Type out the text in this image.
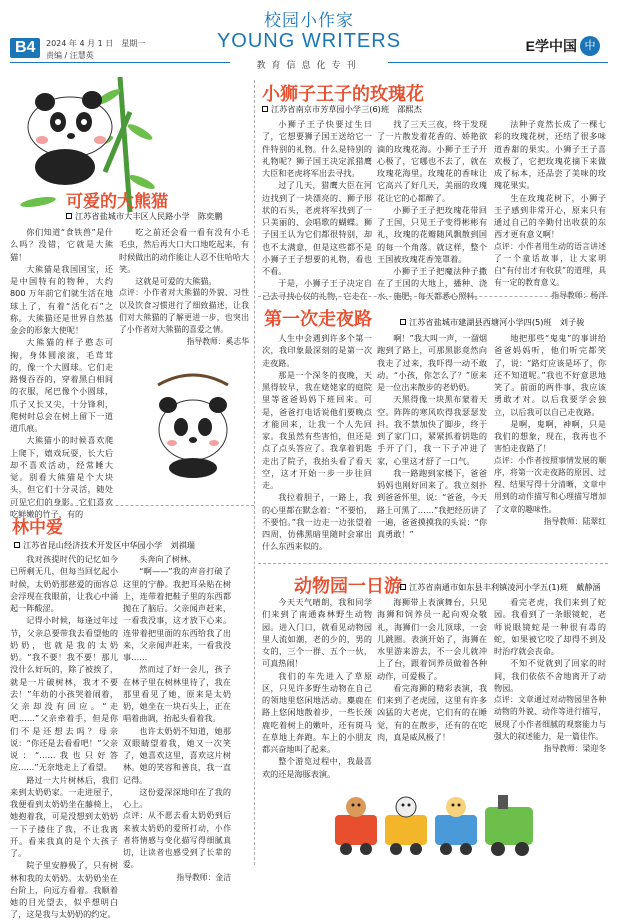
B4	2024 年 4 月 1 日　星期一
责编 / 汪慧英
校园小作家
YOUNG WRITERS
教育信息化专刊
E学中国 中
可爱的大熊猫
江苏省盐城市大丰区人民路小学　陈奕鹏

你们知道“食铁兽”是什么吗？没错，它就是大熊猫！

大熊猫是我国国宝，还是中国特有的物种，大约 800 万年前它们就生活在地球上了，有着“活化石”之称。大熊猫还是世界自然基金会的形象大使呢！

大熊猫的样子憨态可掬，身体圆滚滚，毛茸茸的，像一个大圆球。它们走路慢吞吞的，穿着黑白相间的衣服，尾巴像个小圆球，爪子又长又尖，十分锋利，爬树时总会在树上留下一道道爪痕。

大熊猫小的时候喜欢爬上爬下，嬉戏玩耍，长大后却不喜欢活动，经常睡大觉。别看大熊猫是个大块头，但它们十分灵活，随处可见它们的身影。它们喜欢吃鲜嫩的竹子，有的

吃之前还会看一看有没有小毛毛虫，然后再大口大口地吃起来，有时候做出的动作能让人忍不住哈哈大笑。

这就是可爱的大熊猫。

点评：小作者对大熊猫的外貌、习性以及饮食习惯进行了细致描述，让我们对大熊猫的了解更进一步，也突出了小作者对大熊猫的喜爱之情。
指导教师：奚志华
林中爱
江苏省昆山经济技术开发区中华园小学　刘祺瑞

我对孩提时代的记忆如今已所剩无几，但每当回忆起小时候，太奶奶那慈爱的面容总会浮现在我眼前，让我心中涌起一阵酸涩。

记得小时候，每逢过年过节，父亲总要带我去看望他的奶奶，也就是我的太奶奶。“我不要！我不要！那儿没什么好玩的，除了被挨了，就是一片破树林，我才不要去！”年幼的小孩哭着闹着，父亲却没有回应。“走吧……”父亲牵着手，但是你们不是还想去吗？母亲说：“你还是去看看吧！”父亲说：“……我也只好答应……”无奈地走上了看望。

路过一大片树林后，我们来到太奶奶家。一走进屋子，我便看到太奶奶坐在藤椅上，她抱着我，可是没想到太奶奶一下子搂住了我，不让我离开。看来我真的是个大孩子了。

院子里安静极了，只有树林和我的太奶奶。太奶奶坐在台阶上，向远方看着。我顺着她的目光望去，似乎想明白了，这是我与太奶奶的约定。

头奔向了树林。

“啊——”我的声音打破了这里的宁静。我把耳朵贴在树上，连带着把鞋子里的东西都抛在了脑后。父亲闻声赶来，一看我没事，这才放下心来。连带着把里面的东西给我了出来，父亲闻声赶来，一看我没事……

然而过了好一会儿，孩子在林子里在树林里待了，我在那里看见了她，原来是太奶奶，她坐在一块石头上，正在唱着曲调，抬起头看着我。

也许太奶奶不知道，她那双眼睛望着我，她又一次笑了，她喜欢这里，喜欢这片树林。她的笑容和善良，我一直记得。

这份爱深深地印在了我的心上。

点评：从不愿去看太奶奶到后来被太奶奶的爱所打动，小作者将情感与变化描写得细腻真切，让读者也感受到了长辈的爱。
指导教师：金洁
小狮子王子的玫瑰花
江苏省南京市芳草园小学三(6)班　邵熙杰

小狮子王子快要过生日了，它想要狮子国王送给它一件特别的礼物。什么是特别的礼物呢？狮子国王决定派猎鹰大臣和老虎将军出去寻找。

过了几天，猎鹰大臣在河边找到了一块漂亮的、狮子形状的石头，老虎将军找到了一只美丽的、会唱歌的蝴蝶。狮子国王认为它们都很特别，却也不太满意，但是这些都不是小狮子王子想要的礼物，看也不看。

于是，小狮子王子决定自己去寻找心仪的礼物，它走在

找了三天三夜，终于发现了一片散发着花香的、娇艳欲滴的玫瑰花海。小狮子王子开心极了，它哪也不去了，就在玫瑰花海里。玫瑰花的香味让它高兴了好几天，美丽的玫瑰花让它的心都醉了。

小狮子王子把玫瑰花带回了王国，只见王子变得彬彬有礼，玫瑰的花瓣随风飘散到国的每一个角落。就这样，整个王国被玫瑰花香笼罩着。

小狮子王子把魔法种子撒在了王国的大地上，播种、浇水、施肥，每天都悉心照料。

法种子竟然长成了一棵七彩的玫瑰花树，还结了很多味道香甜的果实。小狮子王子喜欢极了，它把玫瑰花摘下来做成了标本，还品尝了美味的玫瑰花果实。

生在玫瑰花树下，小狮子王子感到非常开心，原来只有通过自己的辛勤付出收获的东西才更有意义啊！

点评：小作者用生动的语言讲述了一个童话故事，让大家明白“有付出才有收获”的道理，具有一定的教育意义。
指导教师：杨洋
第一次走夜路	江苏省盐城市建湖县西塘河小学四(5)班　刘子骏

人生中会遇到许多个第一次，我印象最深刻的是第一次走夜路。

那是一个深冬的夜晚，天黑得较早，我在姥姥家的庭院里等爸爸妈妈下班回来。可是，爸爸打电话说他们要晚点才能回来，让我一个人先回家。我虽然有些害怕，但还是点了点头答应了。我拿着钥匙走出了院子，我抬头看了看天空，这才开始一步一步往回走。

我拉着胆子，一路上，我的心里都在默念着：“不要怕，不要怕。”我一边走一边张望着四周，仿佛黑暗里随时会窜出什么东西来似的。

啊！”我大叫一声，一溜烟跑到了路上，可那黑影竟然向我走了过来，我吓得一动不敢动。“小孩，你怎么了？”原来是一位出来散步的老奶奶。

天黑得像一块黑布蒙着天空。阵阵的寒风吹得我瑟瑟发抖。我不禁加快了脚步，终于到了家门口，紧紧抓着钥匙的手开了门，我一下子冲进了家，心里这才舒了一口气。

我一路跑到家楼下，爸爸妈妈也刚好回来了。我立刻扑到爸爸怀里，说：“爸爸，今天路上可黑了……”我把经历讲了一遍，爸爸摸摸我的头说：“你真勇敢！”

地把那些“鬼鬼”的事讲给爸爸妈妈听，他们听完都笑了，说：“路灯应该是坏了，你还不知道呢。”我也不好意思地笑了。前面的两件事，我应该勇敢才对。以后我要学会独立，以后我可以自己走夜路。

是啊，鬼啊，神啊，只是我们的想象，现在，我再也不害怕走夜路了！

点评：小作者按照事情发展的顺序，将第一次走夜路的原因、过程、结果写得十分清晰，文章中用到的动作描写和心理描写增加了文章的趣味性。
指导教师：陆翠红
动物园一日游 江苏省南通市如东县丰利镇凌河小学五(1)班　戴静涵

今天天气晴朗，我和同学们来到了南通森林野生动物园。进入门口，就看见动物园里人流如潮，老的少的，男的女的，三个一群、五个一伙，可真热闹！

我们的车先进入了草原区，只见许多野生动物在自己的领地里悠闲地活动。麋鹿在路上悠闲地散着步，一些长颈鹿吃着树上的嫩叶，还有斑马在草地上奔跑。车上的小朋友都兴奋地叫了起来。

整个游览过程中，我最喜欢的还是海豚表演。

海狮带上表演舞台，只见海狮和饲养员一起向观众敬礼，海狮们一会儿顶球，一会儿跳圈。表演开始了，海狮在水里游来游去，不一会儿就冲上了台，跟着饲养员做着各种动作，可爱极了。

看完海狮的精彩表演，我们来到了老虎园，这里有许多凶猛的大老虎，它们有的在睡觉，有的在散步，还有的在吃肉，真是威风极了！

看完老虎，我们来到了蛇园。我看到了一条眼镜蛇，老师说眼镜蛇是一种很有毒的蛇，如果被它咬了却得不到及时治疗就会丧命。

不知不觉就到了回家的时间，我们依依不舍地离开了动物园。

点评：文章通过对动物园里各种动物的外貌、动作等进行描写，展现了小作者细腻的观察能力与强大的叙述能力，是一篇佳作。
指导教师：梁迎冬
